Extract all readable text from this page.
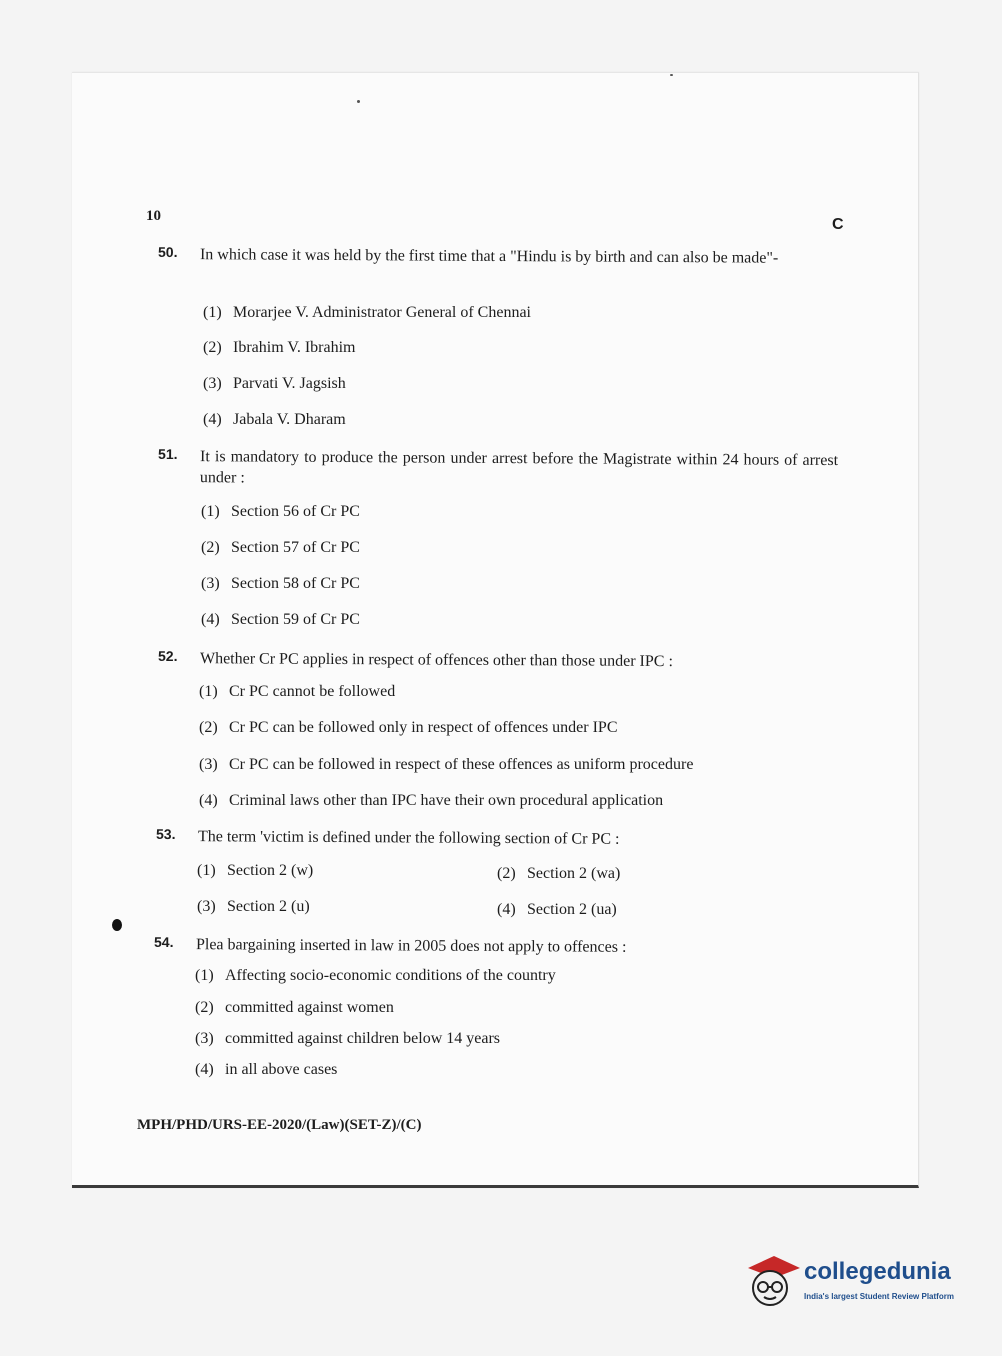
10	C
50. In which case it was held by the first time that a "Hindu is by birth and can also be made"-
(1) Morarjee V. Administrator General of Chennai
(2) Ibrahim V. Ibrahim
(3) Parvati V. Jagsish
(4) Jabala V. Dharam
51. It is mandatory to produce the person under arrest before the Magistrate within 24 hours of arrest under :
(1) Section 56 of Cr PC
(2) Section 57 of Cr PC
(3) Section 58 of Cr PC
(4) Section 59 of Cr PC
52. Whether Cr PC applies in respect of offences other than those under IPC :
(1) Cr PC cannot be followed
(2) Cr PC can be followed only in respect of offences under IPC
(3) Cr PC can be followed in respect of these offences as uniform procedure
(4) Criminal laws other than IPC have their own procedural application
53. The term 'victim is defined under the following section of Cr PC :
(1) Section 2 (w)	(2) Section 2 (wa)
(3) Section 2 (u)	(4) Section 2 (ua)
54. Plea bargaining inserted in law in 2005 does not apply to offences :
(1) Affecting socio-economic conditions of the country
(2) committed against women
(3) committed against children below 14 years
(4) in all above cases
MPH/PHD/URS-EE-2020/(Law)(SET-Z)/(C)
collegedunia
India's largest Student Review Platform
